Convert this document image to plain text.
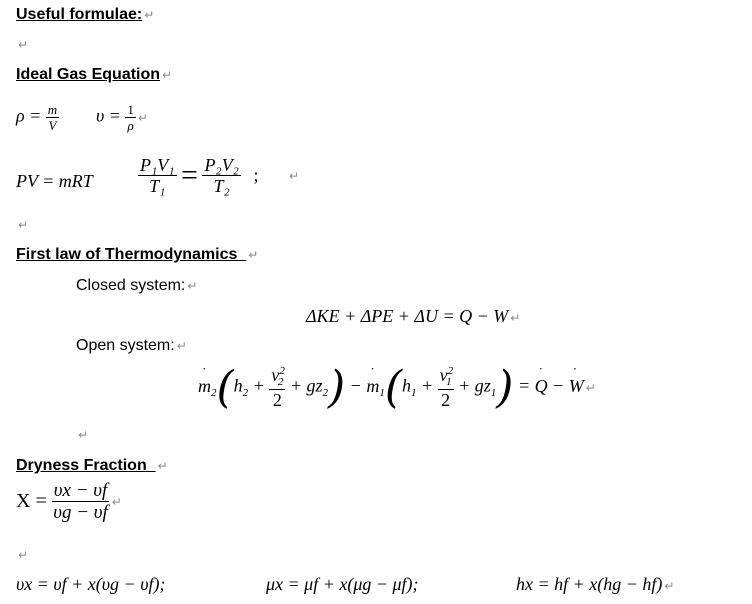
Useful formulae: ↵
↵
Ideal Gas Equation ↵
$\rho = \frac{m}{V}$ $\upsilon = \frac{1}{\rho}$ ↵
PV = mRT	$\frac{\text{P₁V₁}}{\text{T₁}} = \frac{\text{P₂V₂}}{\text{T₂}}$ ;	↵
↵
First law of Thermodynamics ↵
Closed system: ↵
ΔKE + ΔPE + ΔU = Q − W ↵
Open system: ↵
˙ $m_2(h_2 + \frac{v^2_2}{2} + gz_2)$ − ˙ $m_1(h_1 + \frac{v^2_1}{2} + gz_1)$ = ˙ Q − ˙ W ↵
↵
Dryness Fraction ↵
$X = \frac{\upsilon x - \upsilon f}{\upsilon g - \upsilon f}$ ↵
↵
υx = υf + x(υg − υf);	μx = μf + x(μg − μf);	hx = hf + x(hg − hf) ↵
